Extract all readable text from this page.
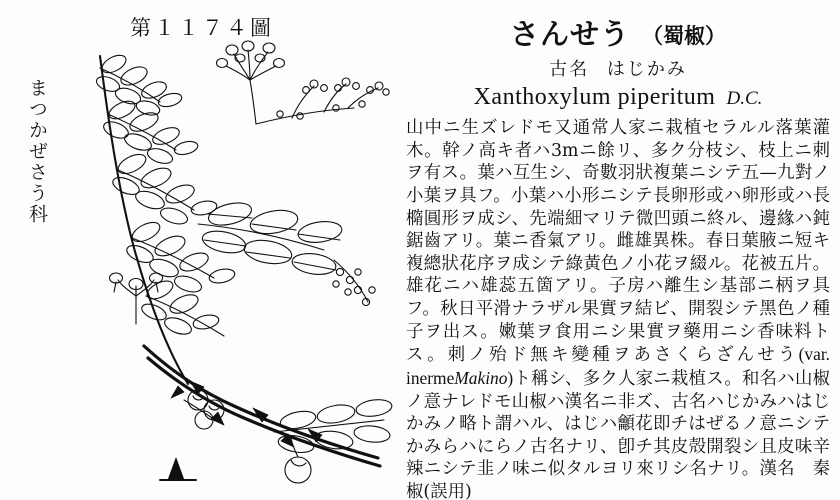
第１１７４圖
まつかぜさう科
さんせう （蜀椒）
古名 はじかみ
Xanthoxylum piperitum D.C.

山中ニ生ズレドモ又通常人家ニ栽植セラルル落葉灌木。幹ノ高キ者ハ3mニ餘リ、多ク分枝シ、枝上ニ刺ヲ有ス。葉ハ互生シ、奇數羽狀複葉ニシテ五—九對ノ小葉ヲ具フ。小葉ハ小形ニシテ長卵形或ハ卵形或ハ長橢圓形ヲ成シ、先端細マリテ微凹頭ニ終ル、邊緣ハ鈍鋸齒アリ。葉ニ香氣アリ。雌雄異株。春日葉腋ニ短キ複總狀花序ヲ成シテ綠黃色ノ小花ヲ綴ル。花被五片。雄花ニハ雄蕊五箇アリ。子房ハ離生シ基部ニ柄ヲ具フ。秋日平滑ナラザル果實ヲ結ビ、開裂シテ黑色ノ種子ヲ出ス。嫩葉ヲ食用ニシ果實ヲ藥用ニシ香味料トス。刺ノ殆ド無キ變種ヲあさくらざんせう(var. inermeMakino)ト稱シ、多ク人家ニ栽植ス。和名ハ山椒ノ意ナレドモ山椒ハ漢名ニ非ズ、古名ハじかみハはじかみノ略ト謂ハル、はじハ龥花即チはぜるノ意ニシテかみらハにらノ古名ナリ、卽チ其皮殻開裂シ且皮味辛辣ニシテ韭ノ味ニ似タルヨリ來リシ名ナリ。漢名　秦椒(誤用)
